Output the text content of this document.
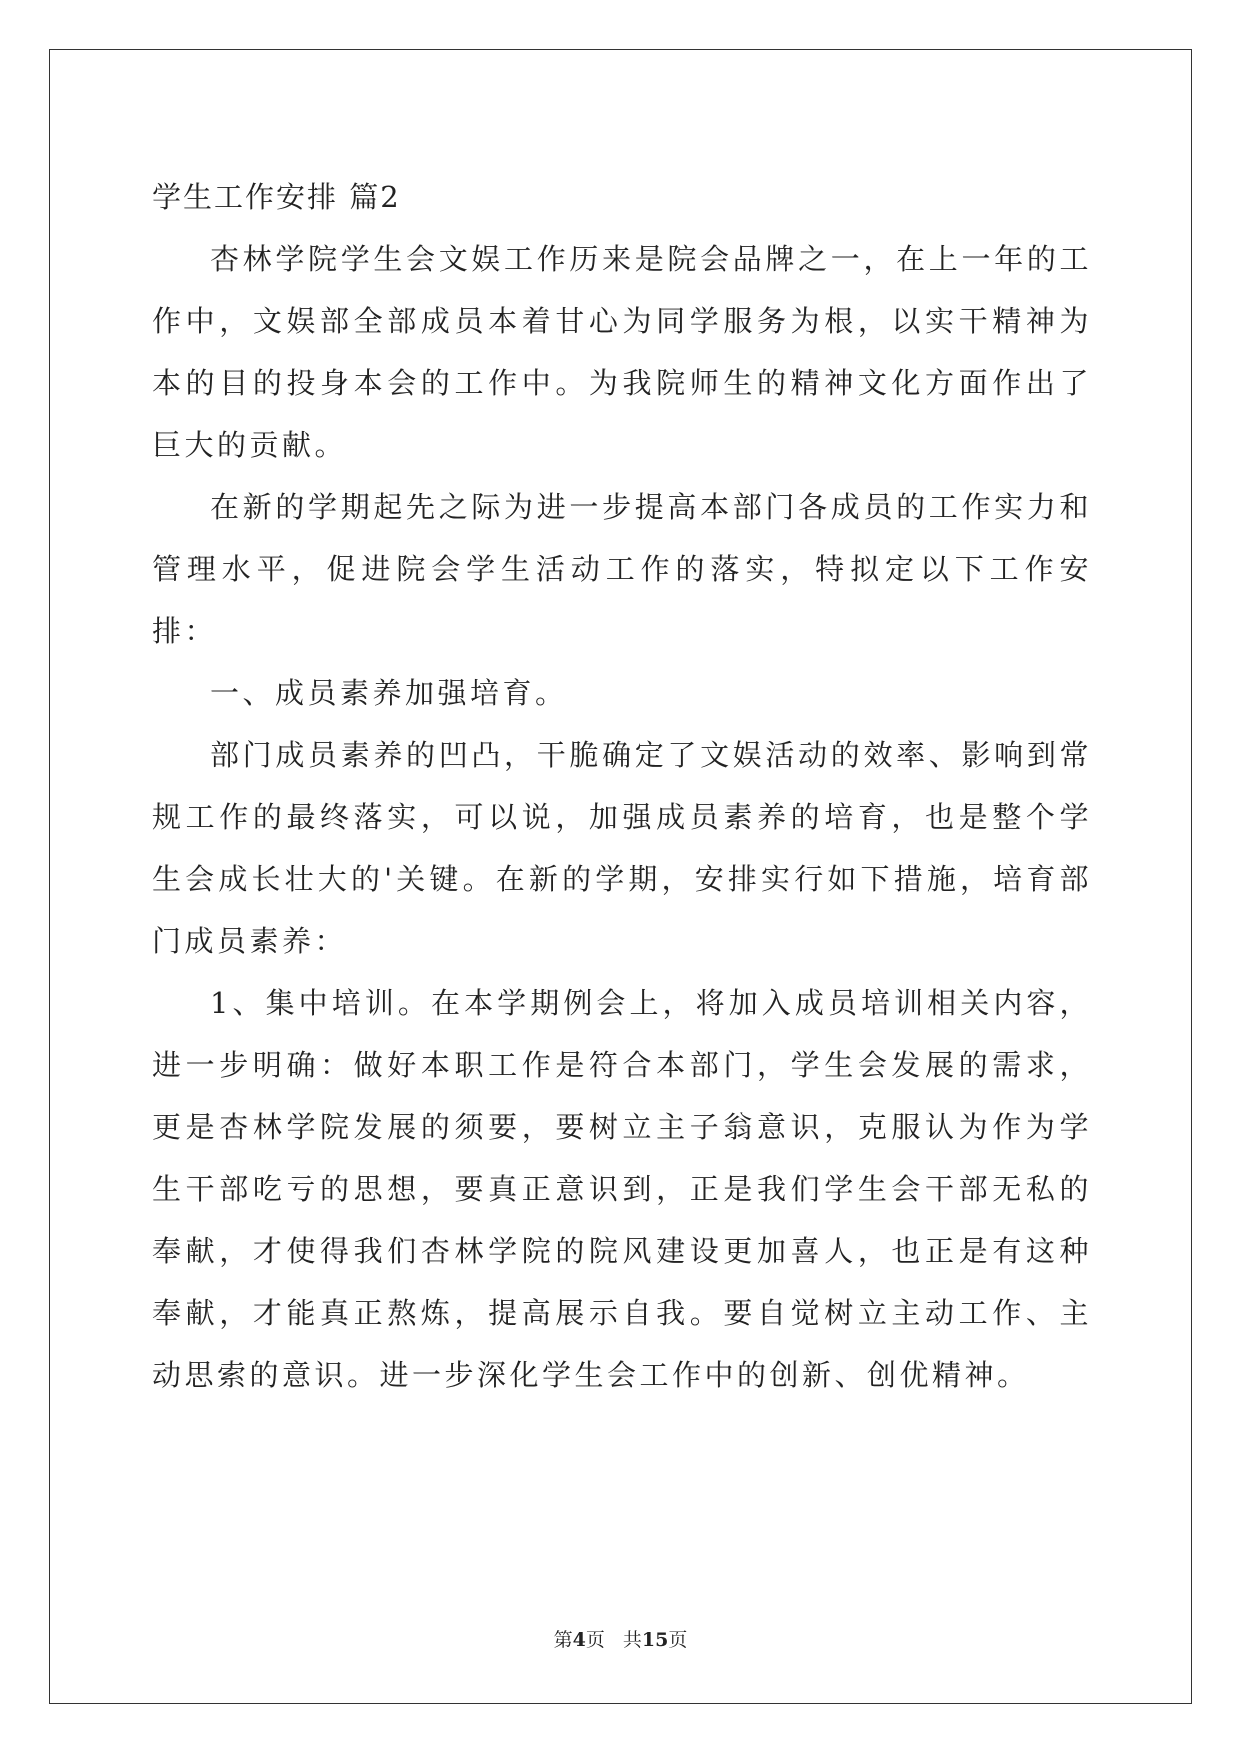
学生工作安排 篇2

杏林学院学生会文娱工作历来是院会品牌之一，在上一年的工作中，文娱部全部成员本着甘心为同学服务为根，以实干精神为本的目的投身本会的工作中。为我院师生的精神文化方面作出了巨大的贡献。

在新的学期起先之际为进一步提高本部门各成员的工作实力和管理水平，促进院会学生活动工作的落实，特拟定以下工作安排：

一、成员素养加强培育。

部门成员素养的凹凸，干脆确定了文娱活动的效率、影响到常规工作的最终落实，可以说，加强成员素养的培育，也是整个学生会成长壮大的'关键。在新的学期，安排实行如下措施，培育部门成员素养：

1、集中培训。在本学期例会上，将加入成员培训相关内容，进一步明确：做好本职工作是符合本部门，学生会发展的需求，更是杏林学院发展的须要，要树立主子翁意识，克服认为作为学生干部吃亏的思想，要真正意识到，正是我们学生会干部无私的奉献，才使得我们杏林学院的院风建设更加喜人，也正是有这种奉献，才能真正熬炼，提高展示自我。要自觉树立主动工作、主动思索的意识。进一步深化学生会工作中的创新、创优精神。

第4页 共15页
